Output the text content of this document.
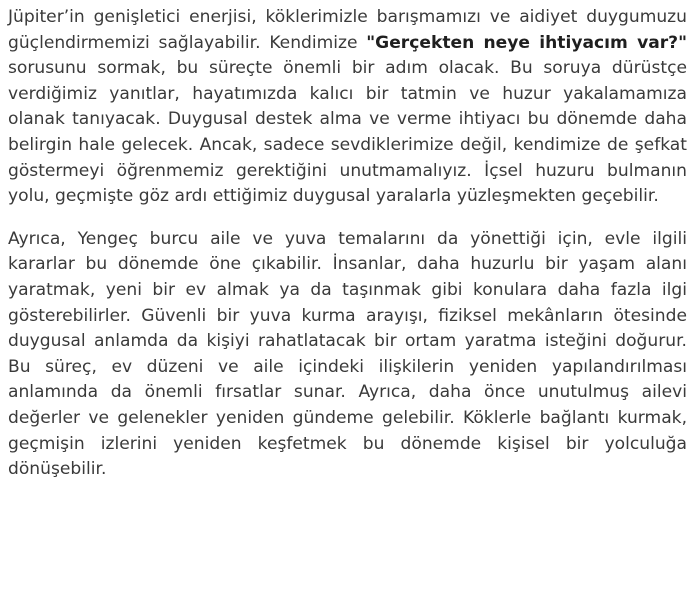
Jüpiter’in genişletici enerjisi, köklerimizle barışmamızı ve aidiyet duygumuzu güçlendirmemizi sağlayabilir. Kendimize "Gerçekten neye ihtiyacım var?" sorusunu sormak, bu süreçte önemli bir adım olacak. Bu soruya dürüstçe verdiğimiz yanıtlar, hayatımızda kalıcı bir tatmin ve huzur yakalamamıza olanak tanıyacak. Duygusal destek alma ve verme ihtiyacı bu dönemde daha belirgin hale gelecek. Ancak, sadece sevdiklerimize değil, kendimize de şefkat göstermeyi öğrenmemiz gerektiğini unutmamalıyız. İçsel huzuru bulmanın yolu, geçmişte göz ardı ettiğimiz duygusal yaralarla yüzleşmekten geçebilir.

Ayrıca, Yengeç burcu aile ve yuva temalarını da yönettiği için, evle ilgili kararlar bu dönemde öne çıkabilir. İnsanlar, daha huzurlu bir yaşam alanı yaratmak, yeni bir ev almak ya da taşınmak gibi konulara daha fazla ilgi gösterebilirler. Güvenli bir yuva kurma arayışı, fiziksel mekânların ötesinde duygusal anlamda da kişiyi rahatlatacak bir ortam yaratma isteğini doğurur. Bu süreç, ev düzeni ve aile içindeki ilişkilerin yeniden yapılandırılması anlamında da önemli fırsatlar sunar. Ayrıca, daha önce unutulmuş ailevi değerler ve gelenekler yeniden gündeme gelebilir. Köklerle bağlantı kurmak, geçmişin izlerini yeniden keşfetmek bu dönemde kişisel bir yolculuğa dönüşebilir.
